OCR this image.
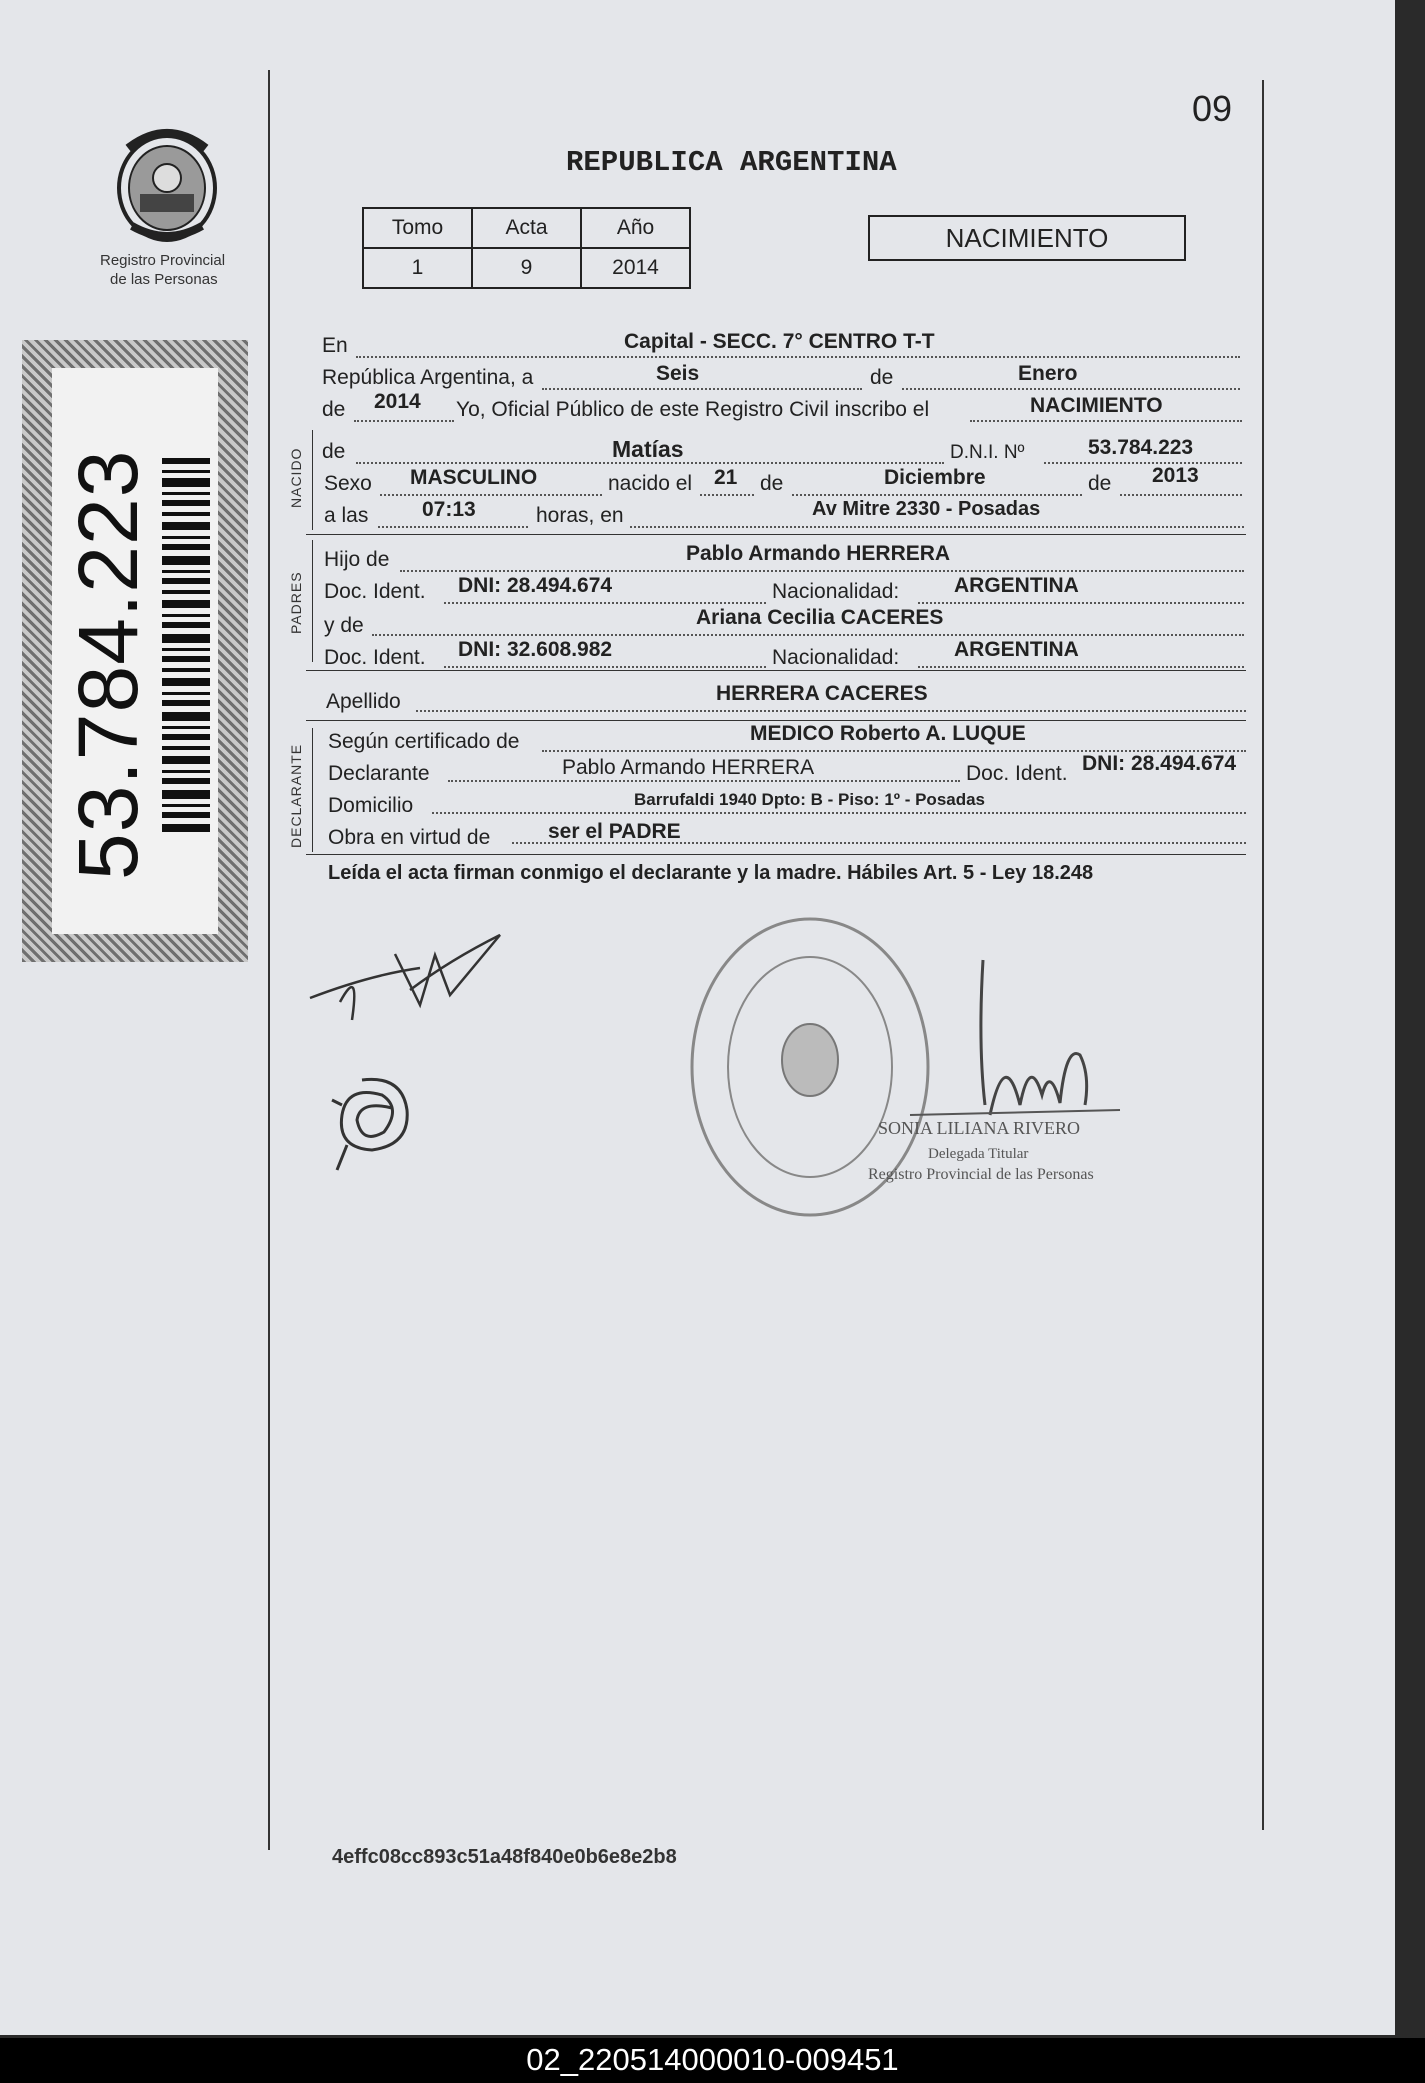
09
Registro Provincial
de las Personas
53.784.223
REPUBLICA ARGENTINA
Tomo	Acta	Año
1	9	2014
NACIMIENTO
En	Capital - SECC. 7° CENTRO T-T
República Argentina, a	Seis	de	Enero
de 2014 Yo, Oficial Público de este Registro Civil inscribo el	NACIMIENTO
NACIDO de	Matías	D.N.I. Nº	53.784.223
Sexo MASCULINO	nacido el 21 de	Diciembre	de 2013
a las	07:13	horas, en	Av Mitre 2330 - Posadas
PADRES
Hijo de	Pablo Armando HERRERA
Doc. Ident. DNI: 28.494.674	Nacionalidad:	ARGENTINA
y de	Ariana Cecilia CACERES
Doc. Ident. DNI: 32.608.982	Nacionalidad:	ARGENTINA
Apellido	HERRERA CACERES
DECLARANTE
Según certificado de	MEDICO Roberto A. LUQUE
Declarante	Pablo Armando HERRERA	Doc. Ident. DNI: 28.494.674
Domicilio	Barrufaldi 1940 Dpto: B - Piso: 1º - Posadas
Obra en virtud de	ser el PADRE
Leída el acta firman conmigo el declarante y la madre. Hábiles Art. 5 - Ley 18.248
SONIA LILIANA RIVERO
Delegada Titular
Registro Provincial de las Personas
4effc08cc893c51a48f840e0b6e8e2b8
02_220514000010-009451
